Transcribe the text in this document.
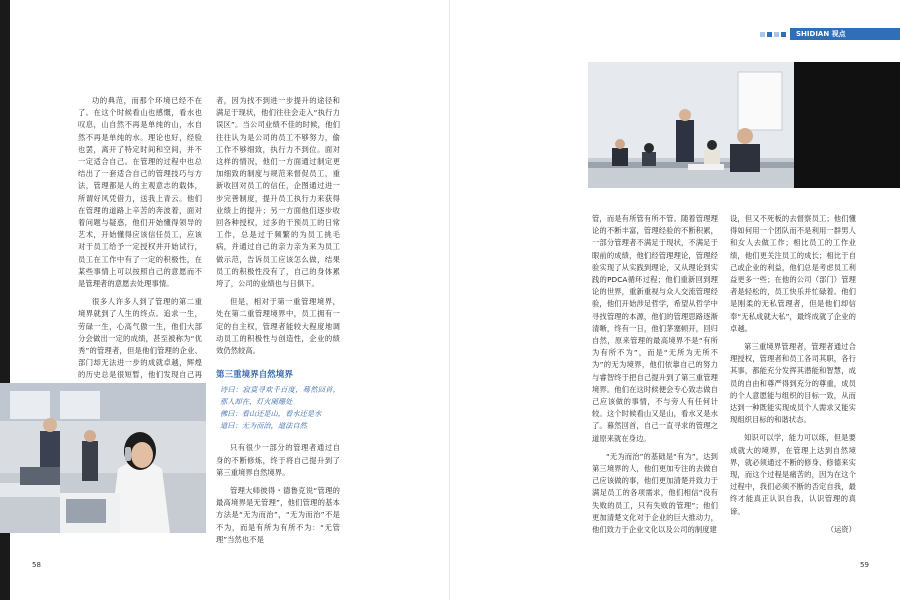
功的典范，而那个环境已经不在了。在这个时候看山也感慨，看水也叹息，山自然不再是单纯的山，水自然不再是单纯的水。理论也好，经验也罢，离开了特定时间和空间，并不一定适合自己。在管理的过程中也总结出了一套适合自己的管理技巧与方法，管理都是人的主观意志的载体，所谓好风凭借力，送我上青云。他们在管理的道路上辛苦的奔波着，面对着问题与疑惑，他们开始懂得领导的艺术，开始懂得应该信任员工，应该对于员工给予一定授权并开始试行，员工在工作中有了一定的积极性，在某些事情上可以按照自己的意愿而不是管理者的意愿去处理事情。

很多人许多人到了管理的第二重境界就到了人生的终点。追求一生，劳碌一生，心高气傲一生，他们大部分会做出一定的成绩，甚至被称为“优秀”的管理者，但是他们管理的企业、部门却无法进一步的成就卓越，辉煌的历史总是很短暂，他们发现自己再

者，因为找不到进一步提升的途径和满足于现状，他们往往会走入“执行力误区”。当公司业绩不佳的时候，他们往往认为是公司的员工不够努力，偷工作不够细致，执行力不到位。面对这样的情况，他们一方面通过制定更加细致的制度与规范来督促员工，重新收回对员工的信任，企图通过进一步完善制度，提升员工执行力来获得业绩上的提升；另一方面他们逐步收回各种授权，过多的干预员工的日常工作，总是过于频繁的为员工挑毛病，并通过自己的亲力亲为来为员工做示范，告诉员工应该怎么做，结果员工的积极性没有了，自己的身体累垮了，公司的业绩也与日俱下。

但是，相对于第一重管理境界，处在第二重管理境界中，员工拥有一定的自主权，管理者能较大程度地调动员工的积极性与创造性，企业的绩效仍然较高。

第三重境界自然境界
诗曰：寂寞寻欢千百度，蓦然回首，那人却在，灯火阑珊处
佛曰：看山还是山，看水还是水
道曰：无为而治，道法自然

只有很少一部分的管理者通过自身的不断修炼，终于将自己提升到了第三重境界自然境界。

管理大师彼得・德鲁克说“管理的最高境界是无管理”，他们管理的基本方法是“无为而治”，“无为而治”不是不为，而是有所为有所不为：“无管理”当然也不是

58
SHIDIAN 视点

管，而是有所管有所不管。随着管理理论的不断丰富，管理经验的不断积累，一部分管理者不满足于现状，不满足于眼前的成绩，他们经管理理论，管理经验实现了从实践到理论，又从理论到实践的PDCA循环过程；他们重新回到理论的世界，重新重视与众人交流管理经验，他们开始涉足哲学，希望从哲学中寻找管理的本源，他们的管理思路逐渐清晰，终有一日，他们茅塞顿开，回归自然，原来管理的最高境界不是“有所为有所不为”，而是“无所为无所不为”的无为境界，他们依靠自己的努力与睿智终于把自己提升到了第三重管理境界。他们在这时候便会专心致志做自己应该做的事情，不与旁人有任何计较。这个时候看山又是山，看水又是水了。暮然回首，自己一直寻求的管理之道原来就在身边。

“无为而治”的基础是“有为”，达到第三境界的人，他们更加专注的去做自己应该做的事，他们更加清楚并致力于满足员工的各项需求，他们相信“没有失败的员工，只有失败的管理”；他们更加清楚文化对于企业的巨大推动力，他们致力于企业文化以及公司的制度建

设，但又不死板的去督察员工；他们懂得如何用一个团队而不是利用一群男人和女人去做工作；相比员工的工作业绩，他们更关注员工的成长；相比于自己或企业的利益，他们总是考虑员工利益更多一些；在他的公司（部门）管理者是轻松的，员工快乐并忙碌着。他们是刚柔的无私管理者，但是他们却信奉“无私成就大私”，最终成就了企业的卓越。

第三重境界管理者，管理者通过合理授权，管理者和员工各司其职，各行其事，都能充分发挥其潜能和智慧，成员的自由和尊严得到充分的尊重，成员的个人意愿能与组织的目标一致，从而达到一种既能实现成员个人需求又能实现组织目标的和谐状态。

知识可以学，能力可以练，但是要成就大的境界，在管理上达到自然境界，就必须通过不断的修身、修德来实现，而这个过程是痛苦的，因为在这个过程中，我们必须不断的否定自我，最终才能真正认识自我，认识管理的真谛。

（运资）

59
